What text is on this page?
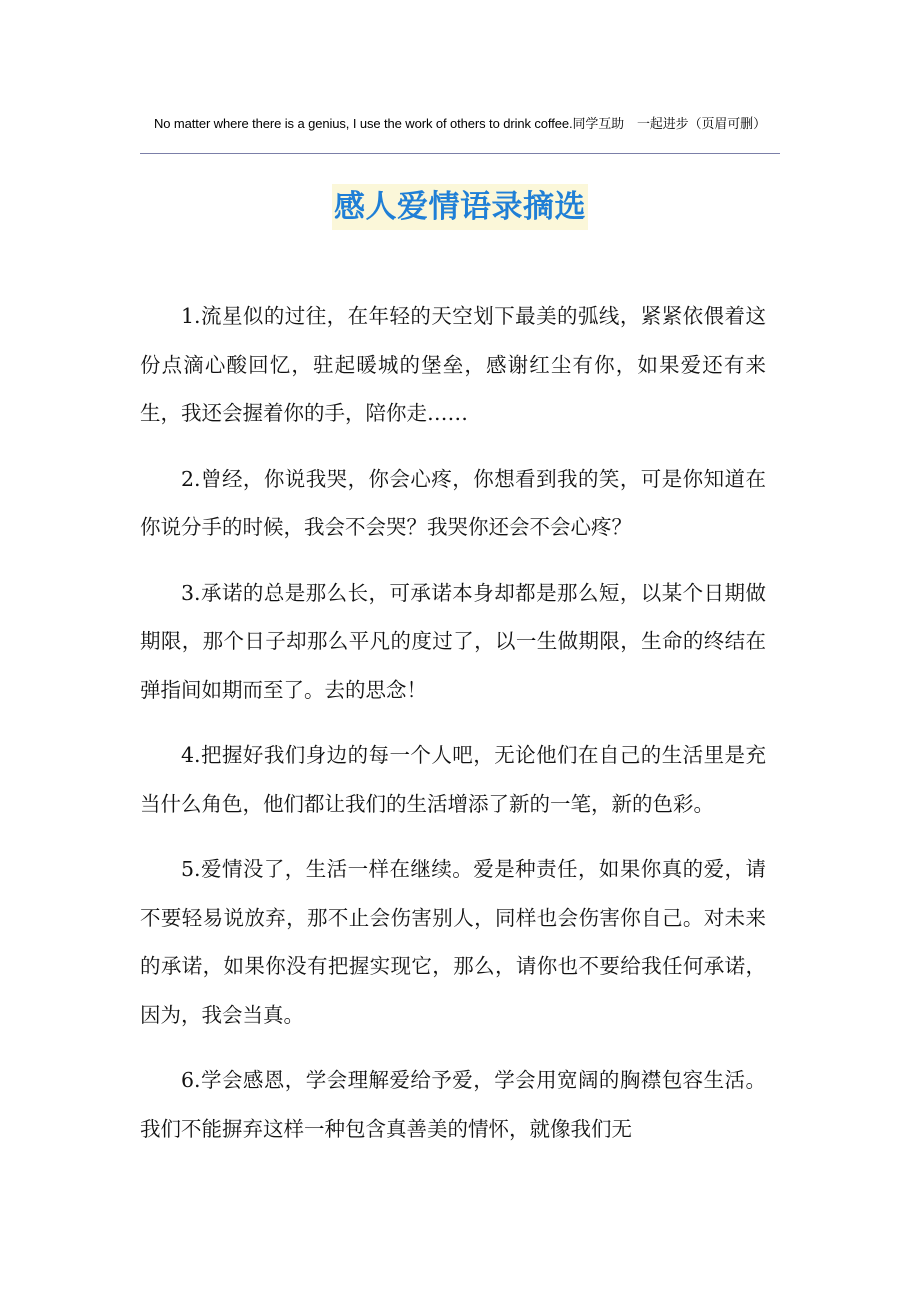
No matter where there is a genius, I use the work of others to drink coffee.同学互助　一起进步（页眉可删）
感人爱情语录摘选

1.流星似的过往，在年轻的天空划下最美的弧线，紧紧依偎着这份点滴心酸回忆，驻起暖城的堡垒，感谢红尘有你，如果爱还有来生，我还会握着你的手，陪你走……

2.曾经，你说我哭，你会心疼，你想看到我的笑，可是你知道在你说分手的时候，我会不会哭？我哭你还会不会心疼？

3.承诺的总是那么长，可承诺本身却都是那么短，以某个日期做期限，那个日子却那么平凡的度过了，以一生做期限，生命的终结在弹指间如期而至了。去的思念！

4.把握好我们身边的每一个人吧，无论他们在自己的生活里是充当什么角色，他们都让我们的生活增添了新的一笔，新的色彩。

5.爱情没了，生活一样在继续。爱是种责任，如果你真的爱，请不要轻易说放弃，那不止会伤害别人，同样也会伤害你自己。对未来的承诺，如果你没有把握实现它，那么，请你也不要给我任何承诺，因为，我会当真。

6.学会感恩，学会理解爱给予爱，学会用宽阔的胸襟包容生活。我们不能摒弃这样一种包含真善美的情怀，就像我们无
